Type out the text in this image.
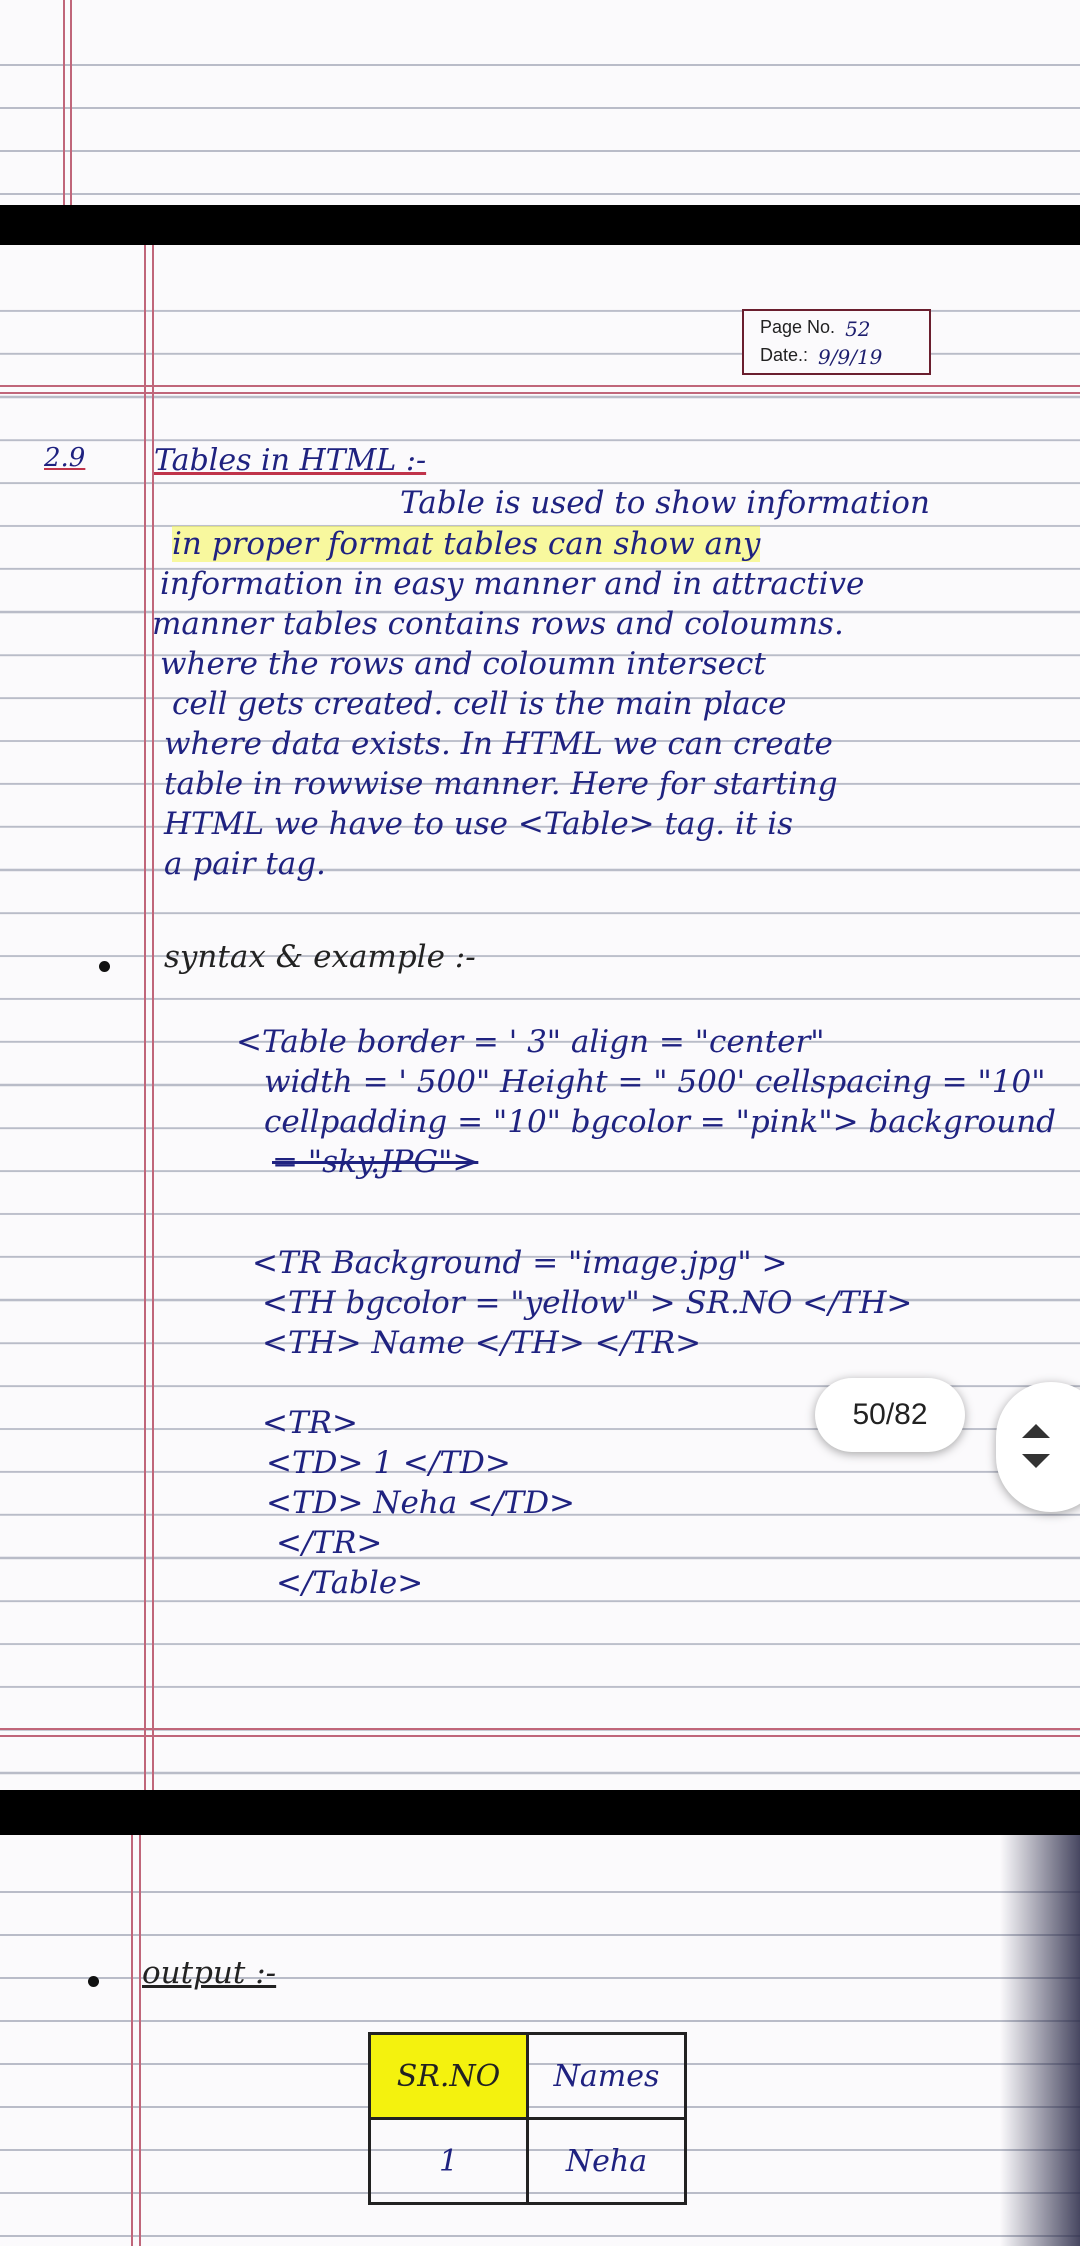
Page No. 52
Date.: 9/9/19
2.9 Tables in HTML :-
Table is used to show information
in proper format tables can show any
information in easy manner and in attractive
manner tables contains rows and coloumns.
where the rows and coloumn intersect
cell gets created. cell is the main place
where data exists. In HTML we can create
table in rowwise manner. Here for starting
HTML we have to use <Table> tag. it is
a pair tag.
syntax & example :-
<Table border = ' 3" align = "center"
width = ' 500" Height = " 500' cellspacing = "10"
cellpadding = "10" bgcolor = "pink"> background
= "sky.JPG">
<TR Background = "image.jpg" >
<TH bgcolor = "yellow" > SR.NO </TH>
<TH> Name </TH> </TR>
<TR>
<TD> 1 </TD>
<TD> Neha </TD>
</TR>
</Table>
output :-
SR.NO	Names
1	Neha
50/82
